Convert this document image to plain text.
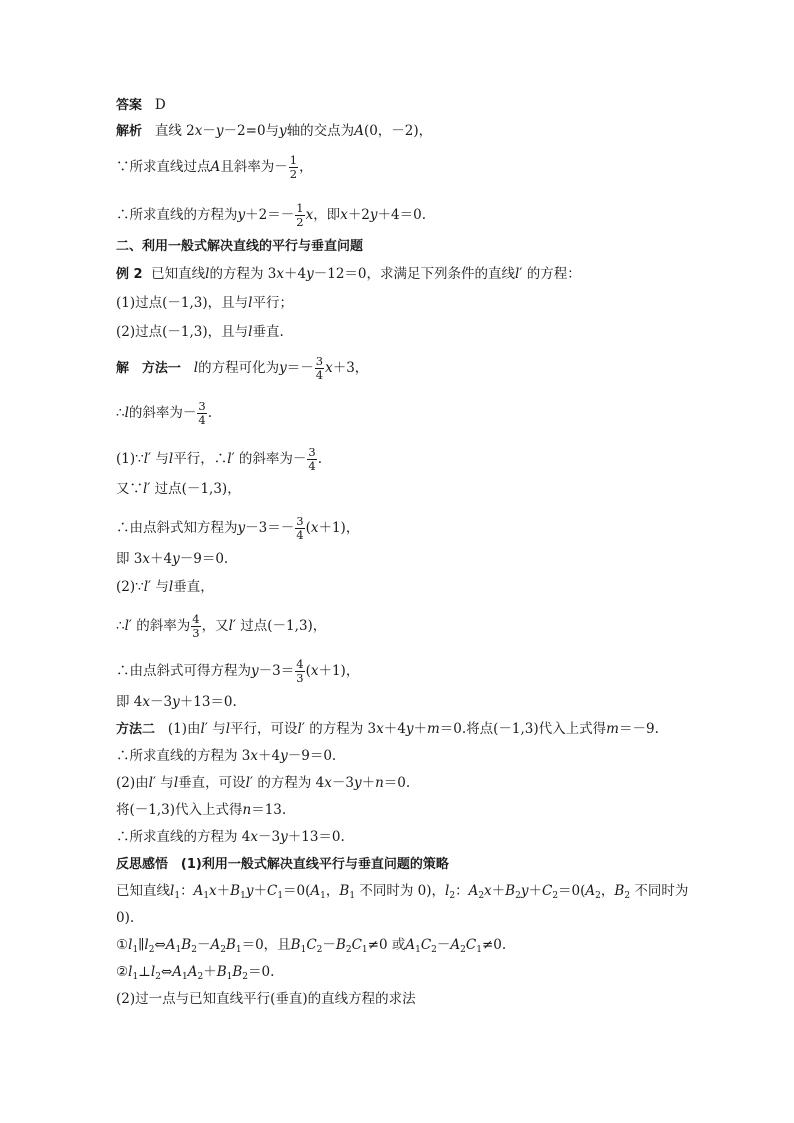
答案 D
解析 直线 2x－y－2=0与y轴的交点为A(0，－2)，
∵所求直线过点A且斜率为－ $\frac{1}{2}$ ，
∴所求直线的方程为$y+2=- \frac{1}{2}$ x，即x＋2y＋4＝0.
二、利用一般式解决直线的平行与垂直问题
例 2 已知直线l的方程为 3x＋4y－12＝0，求满足下列条件的直线l′ 的方程：
(1)过点(－1,3)，且与l平行；
(2)过点(－1,3)，且与l垂直.
解 方法一 l的方程可化为$y=- \frac{3}{4} x+3$，
∴l的斜率为－ $\frac{3}{4}$ .
(1)∵l′ 与l平行，∴l′ 的斜率为－ $\frac{3}{4}$ .
又∵l′ 过点(－1,3)，
∴由点斜式知方程为$y-3=- \frac{3}{4} (x+1)$，
即 3x＋4y－9＝0.
(2)∵l′ 与l垂直，
∴l′ 的斜率为 $\frac{4}{3}$ ，又l′ 过点(－1,3)，
∴由点斜式可得方程为$y-3= \frac{4}{3} (x+1)$，
即 4x－3y＋13＝0.
方法二 (1)由l′ 与l平行，可设l′ 的方程为 3x＋4y＋m＝0.将点(－1,3)代入上式得m＝－9.
∴所求直线的方程为 3x＋4y－9＝0.
(2)由l′ 与l垂直，可设l′ 的方程为 4x－3y＋n＝0.
将(－1,3)代入上式得n＝13.
∴所求直线的方程为 4x－3y＋13＝0.
反思感悟 (1)利用一般式解决直线平行与垂直问题的策略
已知直线$l_1$：$A_1x+B_1y+C_1=0(A_1$，$B_1$ 不同时为 0)，$l_2$：$A_2x+B_2y+C_2=0(A_2$，$B_2$ 不同时为
0).
$①l_1\parallel l_2\Leftrightarrow A_1B_2-A_2B_1=0$，且$B_1C_2-B_2C_1\ne 0$ 或$A_1C_2-A_2C_1\ne 0$.
$②l_1\perp l_2\Leftrightarrow A_1A_2+B_1B_2=0$.
(2)过一点与已知直线平行(垂直)的直线方程的求法
